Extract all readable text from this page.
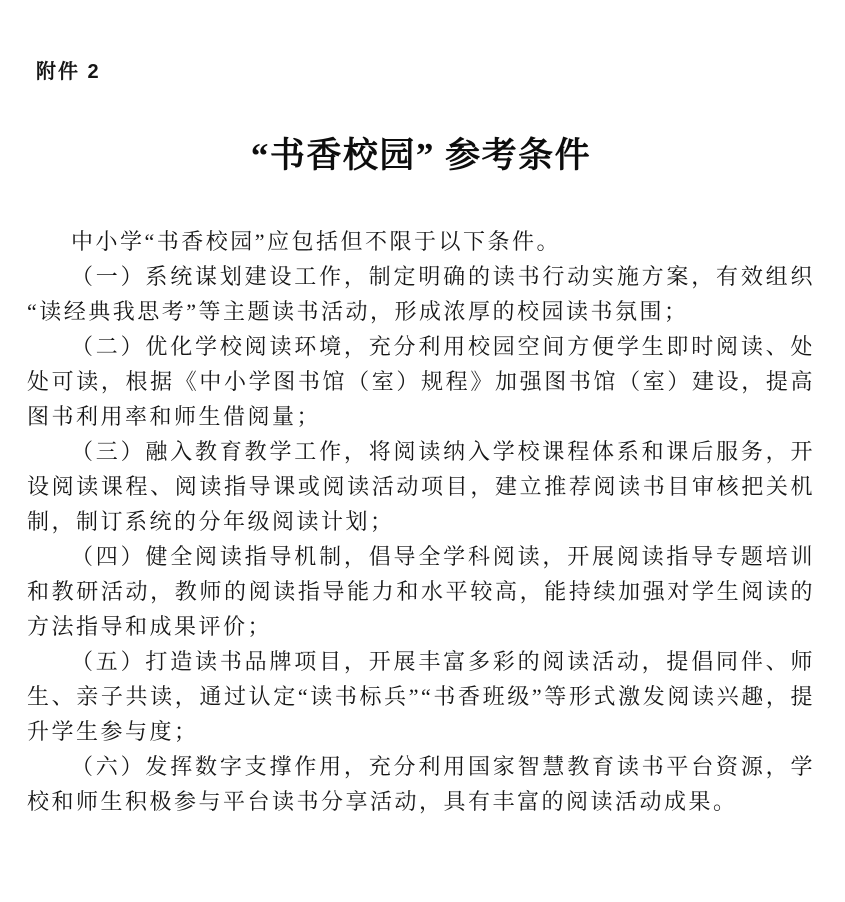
附件 2
“书香校园” 参考条件

中小学“书香校园”应包括但不限于以下条件。

（一）系统谋划建设工作，制定明确的读书行动实施方案，有效组织“读经典我思考”等主题读书活动，形成浓厚的校园读书氛围；

（二）优化学校阅读环境，充分利用校园空间方便学生即时阅读、处处可读，根据《中小学图书馆（室）规程》加强图书馆（室）建设，提高图书利用率和师生借阅量；

（三）融入教育教学工作，将阅读纳入学校课程体系和课后服务，开设阅读课程、阅读指导课或阅读活动项目，建立推荐阅读书目审核把关机制，制订系统的分年级阅读计划；

（四）健全阅读指导机制，倡导全学科阅读，开展阅读指导专题培训和教研活动，教师的阅读指导能力和水平较高，能持续加强对学生阅读的方法指导和成果评价；

（五）打造读书品牌项目，开展丰富多彩的阅读活动，提倡同伴、师生、亲子共读，通过认定“读书标兵”“书香班级”等形式激发阅读兴趣，提升学生参与度；

（六）发挥数字支撑作用，充分利用国家智慧教育读书平台资源，学校和师生积极参与平台读书分享活动，具有丰富的阅读活动成果。
